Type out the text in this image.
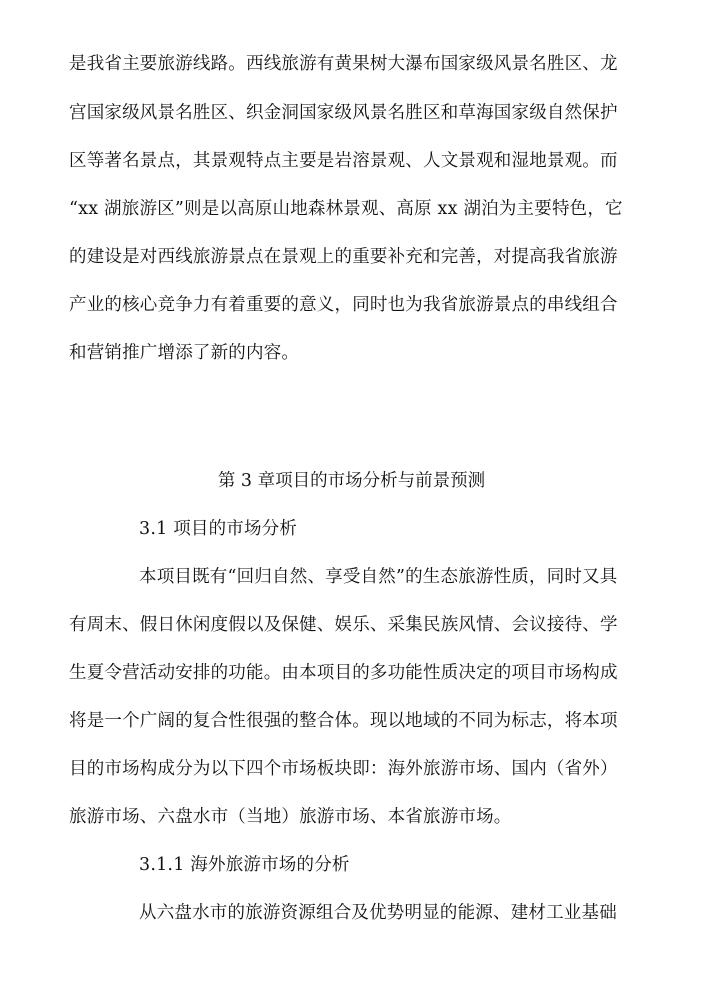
是我省主要旅游线路。西线旅游有黄果树大瀑布国家级风景名胜区、龙
宫国家级风景名胜区、织金洞国家级风景名胜区和草海国家级自然保护
区等著名景点，其景观特点主要是岩溶景观、人文景观和湿地景观。而
“xx 湖旅游区”则是以高原山地森林景观、高原 xx 湖泊为主要特色，它
的建设是对西线旅游景点在景观上的重要补充和完善，对提高我省旅游
产业的核心竞争力有着重要的意义，同时也为我省旅游景点的串线组合
和营销推广增添了新的内容。
第 3 章项目的市场分析与前景预测
3.1 项目的市场分析
本项目既有“回归自然、享受自然”的生态旅游性质，同时又具
有周末、假日休闲度假以及保健、娱乐、采集民族风情、会议接待、学
生夏令营活动安排的功能。由本项目的多功能性质决定的项目市场构成
将是一个广阔的复合性很强的整合体。现以地域的不同为标志，将本项
目的市场构成分为以下四个市场板块即：海外旅游市场、国内（省外）
旅游市场、六盘水市（当地）旅游市场、本省旅游市场。
3.1.1 海外旅游市场的分析
从六盘水市的旅游资源组合及优势明显的能源、建材工业基础
